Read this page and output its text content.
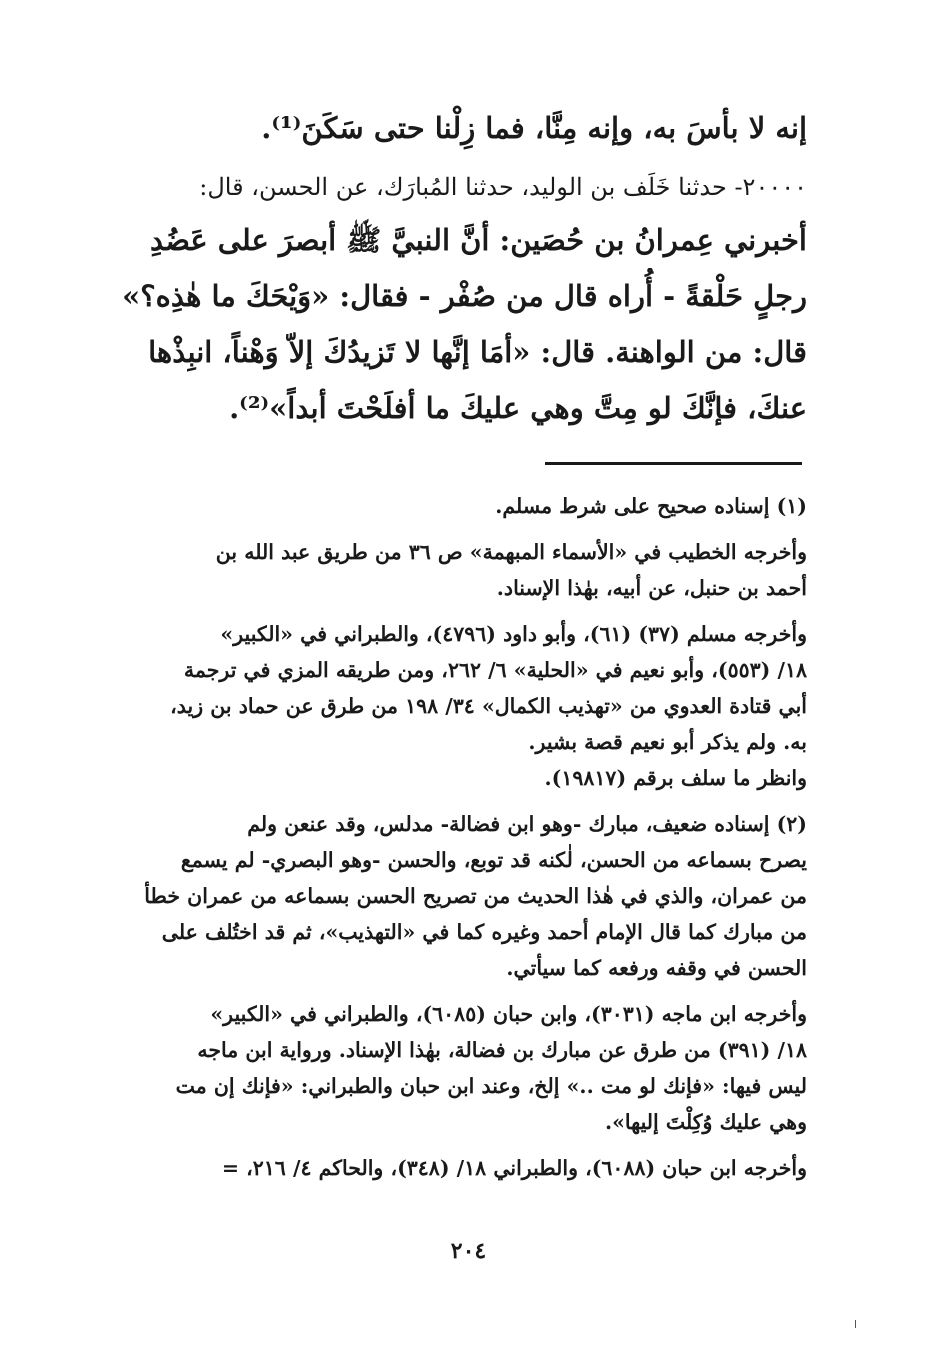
إنه لا بأسَ به، وإنه مِنَّا، فما زِلْنا حتى سَكَنَ⁽¹⁾.
٢٠٠٠٠- حدثنا خَلَف بن الوليد، حدثنا المُبارَك، عن الحسن، قال:
أخبرني عِمرانُ بن حُصَين: أنَّ النبيَّ ﷺ أبصرَ على عَضُدِ
رجلٍ حَلْقةً - أُراه قال من صُفْر - فقال: «وَيْحَكَ ما هٰذِه؟»
قال: من الواهنة. قال: «أمَا إنَّها لا تَزيدُكَ إلاّ وَهْناً، انبِذْها
عنكَ، فإنَّكَ لو مِتَّ وهي عليكَ ما أفلَحْتَ أبداً»⁽²⁾.
(١) إسناده صحيح على شرط مسلم.
وأخرجه الخطيب في «الأسماء المبهمة» ص ٣٦ من طريق عبد الله بن
أحمد بن حنبل، عن أبيه، بهٰذا الإسناد.
وأخرجه مسلم (٣٧) (٦١)، وأبو داود (٤٧٩٦)، والطبراني في «الكبير»
١٨/ (٥٥٣)، وأبو نعيم في «الحلية» ٦/ ٢٦٢، ومن طريقه المزي في ترجمة
أبي قتادة العدوي من «تهذيب الكمال» ٣٤/ ١٩٨ من طرق عن حماد بن زيد،
به. ولم يذكر أبو نعيم قصة بشير.
وانظر ما سلف برقم (١٩٨١٧).
(٢) إسناده ضعيف، مبارك -وهو ابن فضالة- مدلس، وقد عنعن ولم
يصرح بسماعه من الحسن، لٰكنه قد توبع، والحسن -وهو البصري- لم يسمع
من عمران، والذي في هٰذا الحديث من تصريح الحسن بسماعه من عمران خطأ
من مبارك كما قال الإمام أحمد وغيره كما في «التهذيب»، ثم قد اختُلف على
الحسن في وقفه ورفعه كما سيأتي.
وأخرجه ابن ماجه (٣٠٣١)، وابن حبان (٦٠٨٥)، والطبراني في «الكبير»
١٨/ (٣٩١) من طرق عن مبارك بن فضالة، بهٰذا الإسناد. ورواية ابن ماجه
ليس فيها: «فإنك لو مت ..» إلخ، وعند ابن حبان والطبراني: «فإنك إن مت
وهي عليك وُكِلْتَ إليها».
وأخرجه ابن حبان (٦٠٨٨)، والطبراني ١٨/ (٣٤٨)، والحاكم ٤/ ٢١٦، =
٢٠٤
